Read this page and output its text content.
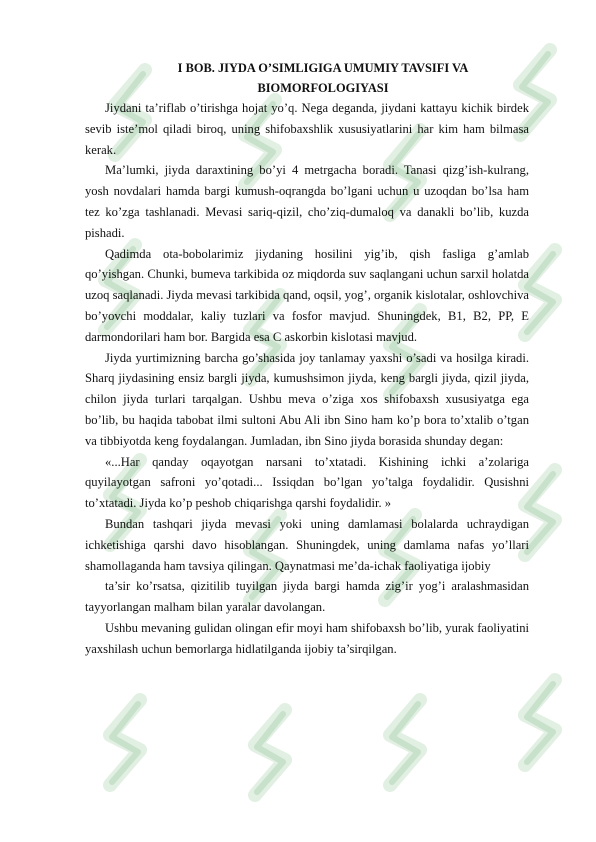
I BOB. JIYDA O’SIMLIGIGA UMUMIY TAVSIFI VA
BIOMORFOLOGIYASI

Jiydani ta’riflab o’tirishga hojat yo’q. Nega deganda, jiydani kattayu kichik birdek sevib iste’mol qiladi biroq, uning shifobaxshlik xususiyatlarini har kim ham bilmasa kerak.

Ma’lumki, jiyda daraxtining bo’yi 4 metrgacha boradi. Tanasi qizg’ish-kulrang, yosh novdalari hamda bargi kumush-oqrangda bo’lgani uchun u uzoqdan bo’lsa ham tez ko’zga tashlanadi. Mevasi sariq-qizil, cho’ziq-dumaloq va danakli bo’lib, kuzda pishadi.

Qadimda ota-bobolarimiz jiydaning hosilini yig’ib, qish fasliga g’amlab qo’yishgan. Chunki, bumeva tarkibida oz miqdorda suv saqlangani uchun sarxil holatda uzoq saqlanadi. Jiyda mevasi tarkibida qand, oqsil, yog’, organik kislotalar, oshlovchiva bo’yovchi moddalar, kaliy tuzlari va fosfor mavjud. Shuningdek, B1, B2, PP, E darmondorilari ham bor. Bargida esa C askorbin kislotasi mavjud.

Jiyda yurtimizning barcha go’shasida joy tanlamay yaxshi o’sadi va hosilga kiradi. Sharq jiydasining ensiz bargli jiyda, kumushsimon jiyda, keng bargli jiyda, qizil jiyda, chilon jiyda turlari tarqalgan. Ushbu meva o’ziga xos shifobaxsh xususiyatga ega bo’lib, bu haqida tabobat ilmi sultoni Abu Ali ibn Sino ham ko’p bora to’xtalib o’tgan va tibbiyotda keng foydalangan. Jumladan, ibn Sino jiyda borasida shunday degan:

«...Har qanday oqayotgan narsani to’xtatadi. Kishining ichki a’zolariga quyilayotgan safroni yo’qotadi... Issiqdan bo’lgan yo’talga foydalidir. Qusishni to’xtatadi. Jiyda ko’p peshob chiqarishga qarshi foydalidir. »

Bundan tashqari jiyda mevasi yoki uning damlamasi bolalarda uchraydigan ichketishiga qarshi davo hisoblangan. Shuningdek, uning damlama nafas yo’llari shamollaganda ham tavsiya qilingan. Qaynatmasi me’da-ichak faoliyatiga ijobiy

ta’sir ko’rsatsa, qizitilib tuyilgan jiyda bargi hamda zig’ir yog’i aralashmasidan tayyorlangan malham bilan yaralar davolangan.

Ushbu mevaning gulidan olingan efir moyi ham shifobaxsh bo’lib, yurak faoliyatini yaxshilash uchun bemorlarga hidlatilganda ijobiy ta’sirqilgan.
